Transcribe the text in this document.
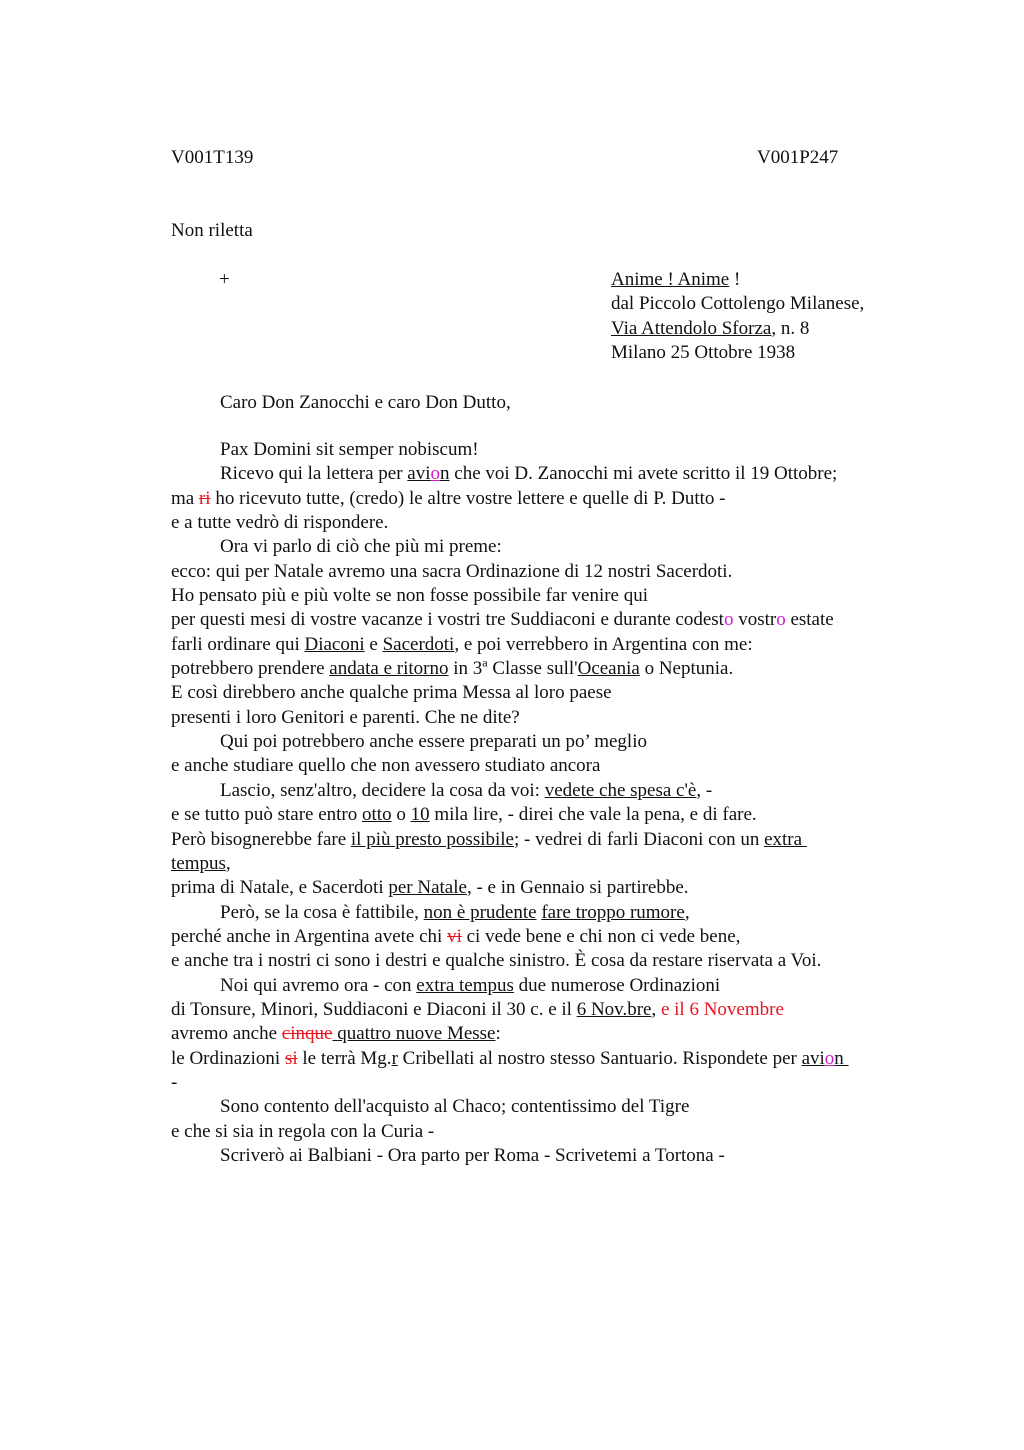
V001T139	V001P247
Non riletta
+	Anime ! Anime !
dal Piccolo Cottolengo Milanese,
Via Attendolo Sforza, n. 8
Milano 25 Ottobre 1938
Caro Don Zanocchi e caro Don Dutto,
Pax Domini sit semper nobiscum!
Ricevo qui la lettera per avion che voi D. Zanocchi mi avete scritto il 19 Ottobre;
ma ri ho ricevuto tutte, (credo) le altre vostre lettere e quelle di P. Dutto -
e a tutte vedrò di rispondere.
Ora vi parlo di ciò che più mi preme:
ecco: qui per Natale avremo una sacra Ordinazione di 12 nostri Sacerdoti.
Ho pensato più e più volte se non fosse possibile far venire qui
per questi mesi di vostre vacanze i vostri tre Suddiaconi e durante codesto vostro estate
farli ordinare qui Diaconi e Sacerdoti, e poi verrebbero in Argentina con me:
potrebbero prendere andata e ritorno in 3$^a$ Classe sull'Oceania o Neptunia.
E così direbbero anche qualche prima Messa al loro paese
presenti i loro Genitori e parenti. Che ne dite?
Qui poi potrebbero anche essere preparati un po’ meglio
e anche studiare quello che non avessero studiato ancora
Lascio, senz'altro, decidere la cosa da voi: vedete che spesa c'è, -
e se tutto può stare entro otto o 10 mila lire, - direi che vale la pena, e di fare.
Però bisognerebbe fare il più presto possibile; - vedrei di farli Diaconi con un extra
tempus,
prima di Natale, e Sacerdoti per Natale, - e in Gennaio si partirebbe.
Però, se la cosa è fattibile, non è prudente fare troppo rumore,
perché anche in Argentina avete chi vi ci vede bene e chi non ci vede bene,
e anche tra i nostri ci sono i destri e qualche sinistro. È cosa da restare riservata a Voi.
Noi qui avremo ora - con extra tempus due numerose Ordinazioni
di Tonsure, Minori, Suddiaconi e Diaconi il 30 c. e il 6 Nov.bre, e il 6 Novembre
avremo anche cinque quattro nuove Messe:
le Ordinazioni si le terrà Mg.r Cribellati al nostro stesso Santuario. Rispondete per avion
-
Sono contento dell'acquisto al Chaco; contentissimo del Tigre
e che si sia in regola con la Curia -
Scriverò ai Balbiani - Ora parto per Roma - Scrivetemi a Tortona -
